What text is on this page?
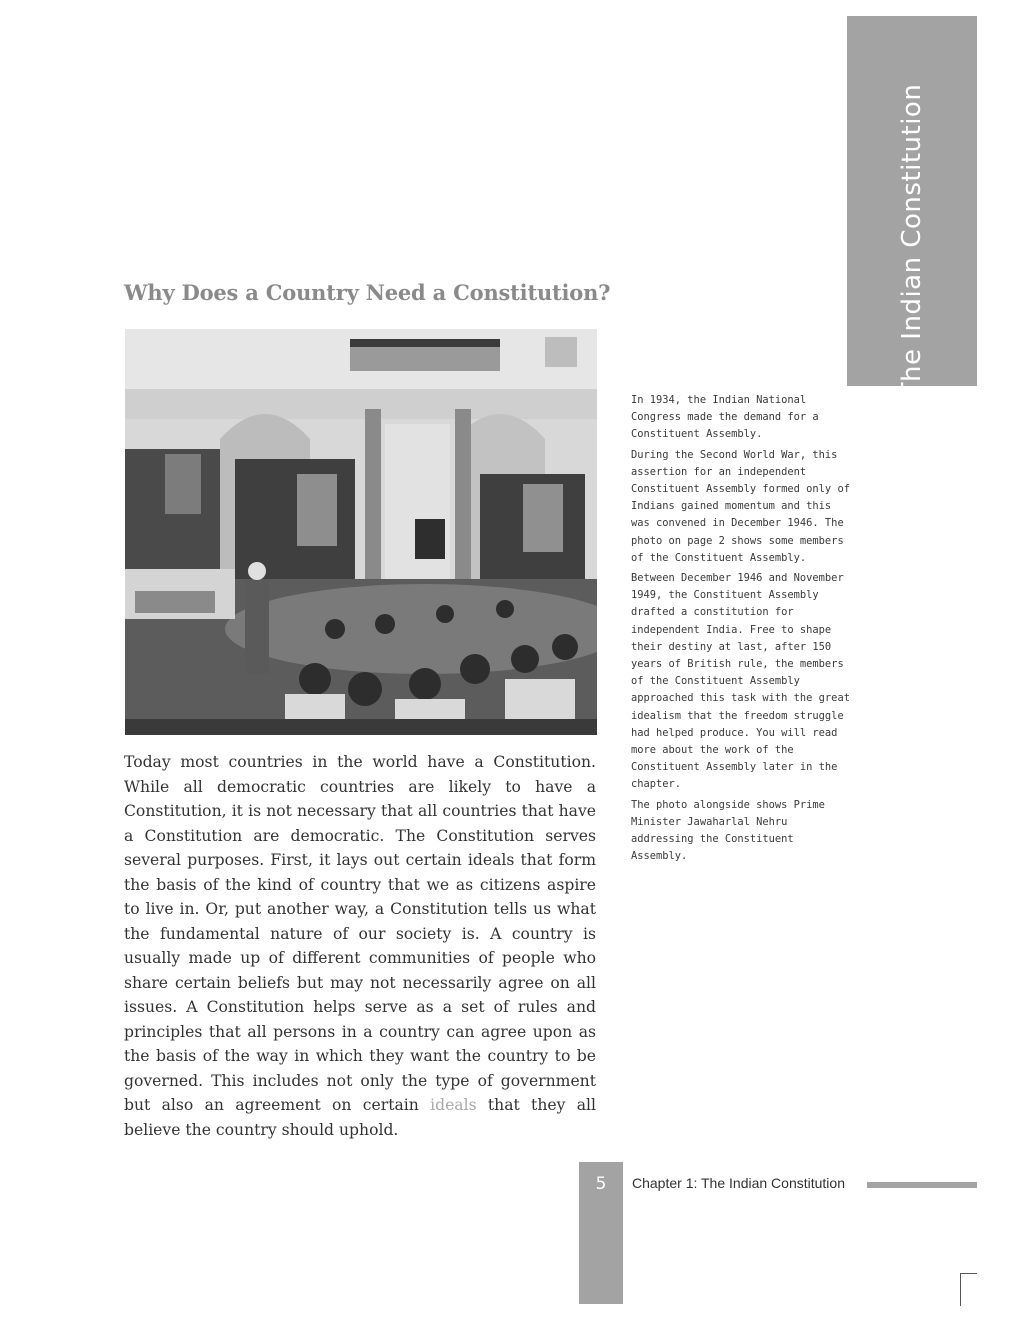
The Indian Constitution
Why Does a Country Need a Constitution?

In 1934, the Indian National Congress made the demand for a Constituent Assembly.

During the Second World War, this assertion for an independent Constituent Assembly formed only of Indians gained momentum and this was convened in December 1946. The photo on page 2 shows some members of the Constituent Assembly.

Between December 1946 and November 1949, the Constituent Assembly drafted a constitution for independent India. Free to shape their destiny at last, after 150 years of British rule, the members of the Constituent Assembly approached this task with the great idealism that the freedom struggle had helped produce. You will read more about the work of the Constituent Assembly later in the chapter.

The photo alongside shows Prime Minister Jawaharlal Nehru addressing the Constituent Assembly.

Today most countries in the world have a Constitution. While all democratic countries are likely to have a Constitution, it is not necessary that all countries that have a Constitution are democratic. The Constitution serves several purposes. First, it lays out certain ideals that form the basis of the kind of country that we as citizens aspire to live in. Or, put another way, a Constitution tells us what the fundamental nature of our society is. A country is usually made up of different communities of people who share certain beliefs but may not necessarily agree on all issues. A Constitution helps serve as a set of rules and principles that all persons in a country can agree upon as the basis of the way in which they want the country to be governed. This includes not only the type of government but also an agreement on certain ideals that they all believe the country should uphold.

5	Chapter 1: The Indian Constitution
